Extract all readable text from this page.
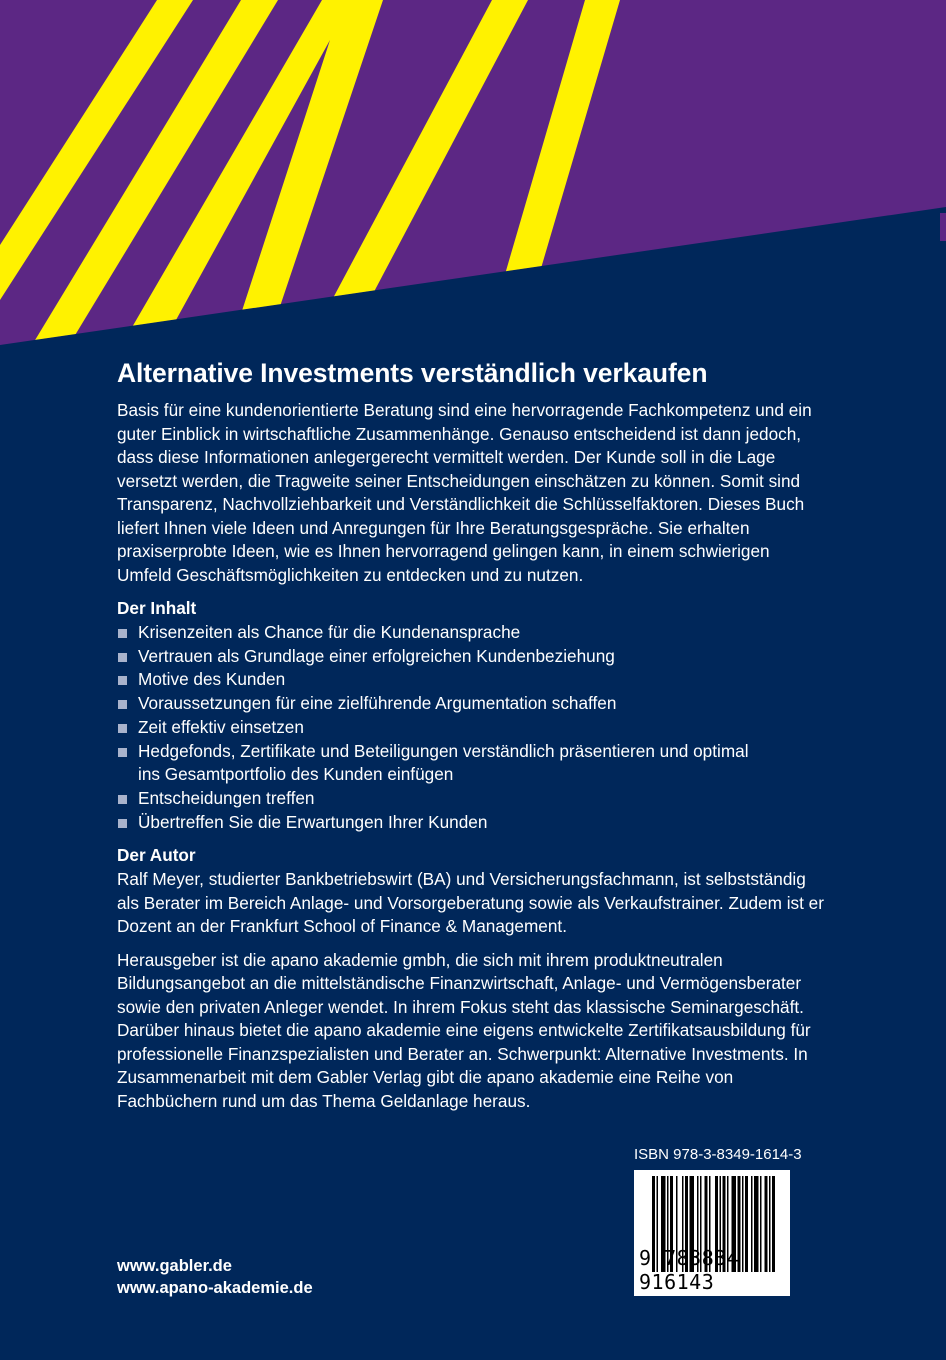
Alternative Investments verständlich verkaufen

Basis für eine kundenorientierte Beratung sind eine hervorragende Fachkompetenz und ein guter Einblick in wirtschaftliche Zusammenhänge. Genauso entscheidend ist dann jedoch, dass diese Informationen anlegergerecht vermittelt werden. Der Kunde soll in die Lage versetzt werden, die Tragweite seiner Entscheidungen einschätzen zu können. Somit sind Transparenz, Nachvollziehbarkeit und Verständlichkeit die Schlüsselfaktoren. Dieses Buch liefert Ihnen viele Ideen und Anregungen für Ihre Beratungsgespräche. Sie erhalten praxiserprobte Ideen, wie es Ihnen hervorragend gelingen kann, in einem schwierigen Umfeld Geschäftsmöglichkeiten zu entdecken und zu nutzen.

Der Inhalt
Krisenzeiten als Chance für die Kundenansprache
Vertrauen als Grundlage einer erfolgreichen Kundenbeziehung
Motive des Kunden
Voraussetzungen für eine zielführende Argumentation schaffen
Zeit effektiv einsetzen
Hedgefonds, Zertifikate und Beteiligungen verständlich präsentieren und optimal ins Gesamtportfolio des Kunden einfügen
Entscheidungen treffen
Übertreffen Sie die Erwartungen Ihrer Kunden
Der Autor

Ralf Meyer, studierter Bankbetriebswirt (BA) und Versicherungsfachmann, ist selbstständig als Berater im Bereich Anlage- und Vorsorgeberatung sowie als Verkaufstrainer. Zudem ist er Dozent an der Frankfurt School of Finance & Management.

Herausgeber ist die apano akademie gmbh, die sich mit ihrem produktneutralen Bildungsangebot an die mittelständische Finanzwirtschaft, Anlage- und Vermögensberater sowie den privaten Anleger wendet. In ihrem Fokus steht das klassische Seminargeschäft. Darüber hinaus bietet die apano akademie eine eigens entwickelte Zertifikatsausbildung für professionelle Finanzspezialisten und Berater an. Schwerpunkt: Alternative Investments. In Zusammenarbeit mit dem Gabler Verlag gibt die apano akademie eine Reihe von Fachbüchern rund um das Thema Geldanlage heraus.

ISBN 978-3-8349-1614-3
9 783834 916143
www.gabler.de
www.apano-akademie.de
